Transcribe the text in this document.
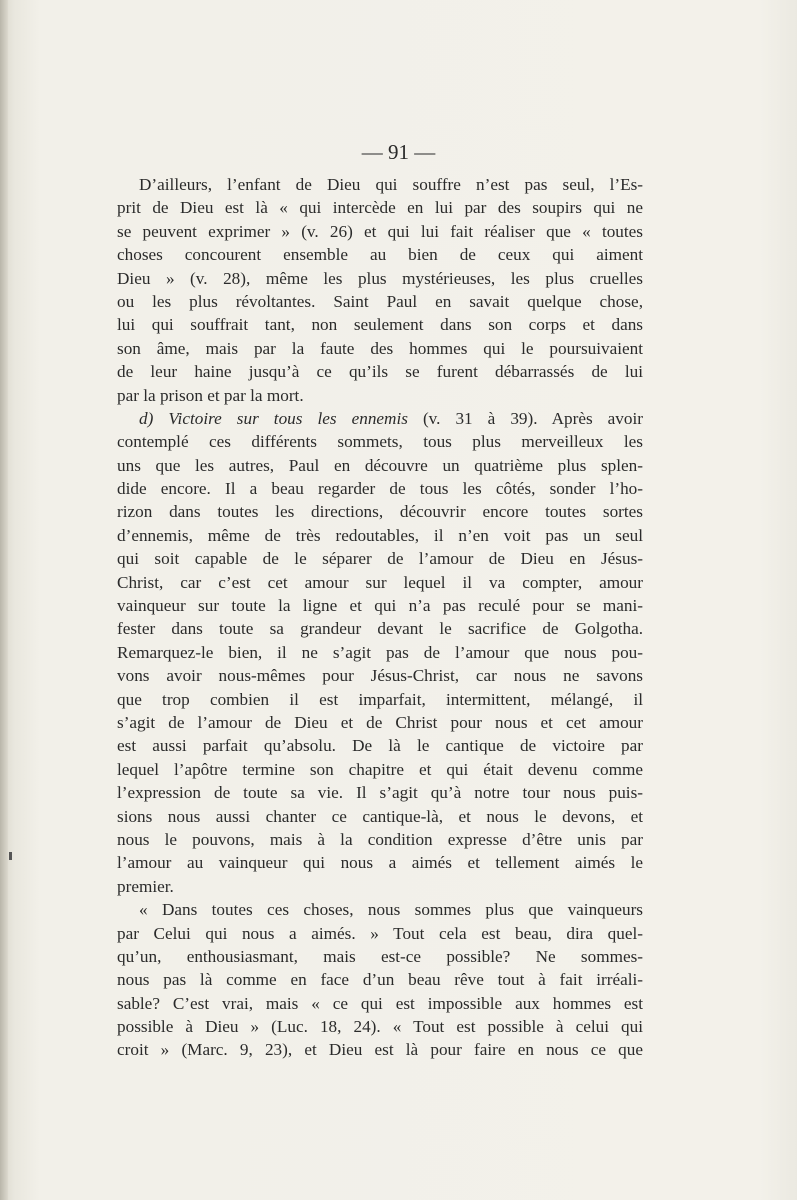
— 91 —
D’ailleurs, l’enfant de Dieu qui souffre n’est pas seul, l’Es-
prit de Dieu est là « qui intercède en lui par des soupirs qui ne
se peuvent exprimer » (v. 26) et qui lui fait réaliser que « toutes
choses concourent ensemble au bien de ceux qui aiment
Dieu » (v. 28), même les plus mystérieuses, les plus cruelles
ou les plus révoltantes. Saint Paul en savait quelque chose,
lui qui souffrait tant, non seulement dans son corps et dans
son âme, mais par la faute des hommes qui le poursuivaient
de leur haine jusqu’à ce qu’ils se furent débarrassés de lui
par la prison et par la mort.
d) Victoire sur tous les ennemis (v. 31 à 39). Après avoir
contemplé ces différents sommets, tous plus merveilleux les
uns que les autres, Paul en découvre un quatrième plus splen-
dide encore. Il a beau regarder de tous les côtés, sonder l’ho-
rizon dans toutes les directions, découvrir encore toutes sortes
d’ennemis, même de très redoutables, il n’en voit pas un seul
qui soit capable de le séparer de l’amour de Dieu en Jésus-
Christ, car c’est cet amour sur lequel il va compter, amour
vainqueur sur toute la ligne et qui n’a pas reculé pour se mani-
fester dans toute sa grandeur devant le sacrifice de Golgotha.
Remarquez-le bien, il ne s’agit pas de l’amour que nous pou-
vons avoir nous-mêmes pour Jésus-Christ, car nous ne savons
que trop combien il est imparfait, intermittent, mélangé, il
s’agit de l’amour de Dieu et de Christ pour nous et cet amour
est aussi parfait qu’absolu. De là le cantique de victoire par
lequel l’apôtre termine son chapitre et qui était devenu comme
l’expression de toute sa vie. Il s’agit qu’à notre tour nous puis-
sions nous aussi chanter ce cantique-là, et nous le devons, et
nous le pouvons, mais à la condition expresse d’être unis par
l’amour au vainqueur qui nous a aimés et tellement aimés le
premier.
« Dans toutes ces choses, nous sommes plus que vainqueurs
par Celui qui nous a aimés. » Tout cela est beau, dira quel-
qu’un, enthousiasmant, mais est-ce possible? Ne sommes-
nous pas là comme en face d’un beau rêve tout à fait irréali-
sable? C’est vrai, mais « ce qui est impossible aux hommes est
possible à Dieu » (Luc. 18, 24). « Tout est possible à celui qui
croit » (Marc. 9, 23), et Dieu est là pour faire en nous ce que
